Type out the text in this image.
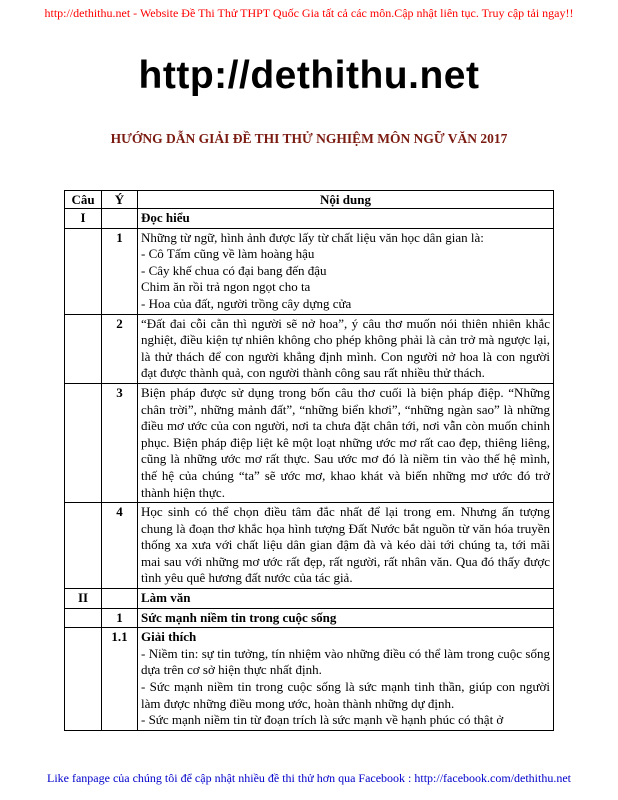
http://dethithu.net - Website Đề Thi Thử THPT Quốc Gia tất cả các môn.Cập nhật liên tục. Truy cập tải ngay!!
http://dethithu.net
HƯỚNG DẪN GIẢI ĐỀ THI THỬ NGHIỆM MÔN NGỮ VĂN 2017
Câu	Ý	Nội dung
I		Đọc hiểu
	1	Những từ ngữ, hình ảnh được lấy từ chất liệu văn học dân gian là:
- Cô Tấm cũng về làm hoàng hậu
- Cây khế chua có đại bang đến đậu
Chim ăn rồi trả ngon ngọt cho ta
- Hoa của đất, người trồng cây dựng cửa

	2	“Đất đai cỗi cằn thì người sẽ nở hoa”, ý câu thơ muốn nói thiên nhiên khắc nghiệt, điều kiện tự nhiên không cho phép không phải là cản trở mà ngược lại, là thử thách để con người khẳng định mình. Con người nở hoa là con người đạt được thành quả, con người thành công sau rất nhiều thử thách.
	3	Biện pháp được sử dụng trong bốn câu thơ cuối là biện pháp điệp. “Những chân trời”, những mảnh đất”, “những biển khơi”, “những ngàn sao” là những điều mơ ước của con người, nơi ta chưa đặt chân tới, nơi vẫn còn muốn chinh phục. Biện pháp điệp liệt kê một loạt những ước mơ rất cao đẹp, thiêng liêng, cũng là những ước mơ rất thực. Sau ước mơ đó là niềm tin vào thế hệ mình, thế hệ của chúng “ta” sẽ ước mơ, khao khát và biến những mơ ước đó trở thành hiện thực.
	4	Học sinh có thể chọn điều tâm đắc nhất để lại trong em. Nhưng ấn tượng chung là đoạn thơ khắc họa hình tượng Đất Nước bắt nguồn từ văn hóa truyền thống xa xưa với chất liệu dân gian đậm đà và kéo dài tới chúng ta, tới mãi mai sau với những mơ ước rất đẹp, rất người, rất nhân văn. Qua đó thấy được tình yêu quê hương đất nước của tác giả.
II		Làm văn
	1	Sức mạnh niềm tin trong cuộc sống
	1.1	Giải thích
- Niềm tin: sự tin tưởng, tín nhiệm vào những điều có thể làm trong cuộc sống dựa trên cơ sở hiện thực nhất định.
- Sức mạnh niềm tin trong cuộc sống là sức mạnh tinh thần, giúp con người làm được những điều mong ước, hoàn thành những dự định.
- Sức mạnh niềm tin từ đoạn trích là sức mạnh về hạnh phúc có thật ở
Like fanpage của chúng tôi để cập nhật nhiều đề thi thử hơn qua Facebook : http://facebook.com/dethithu.net
